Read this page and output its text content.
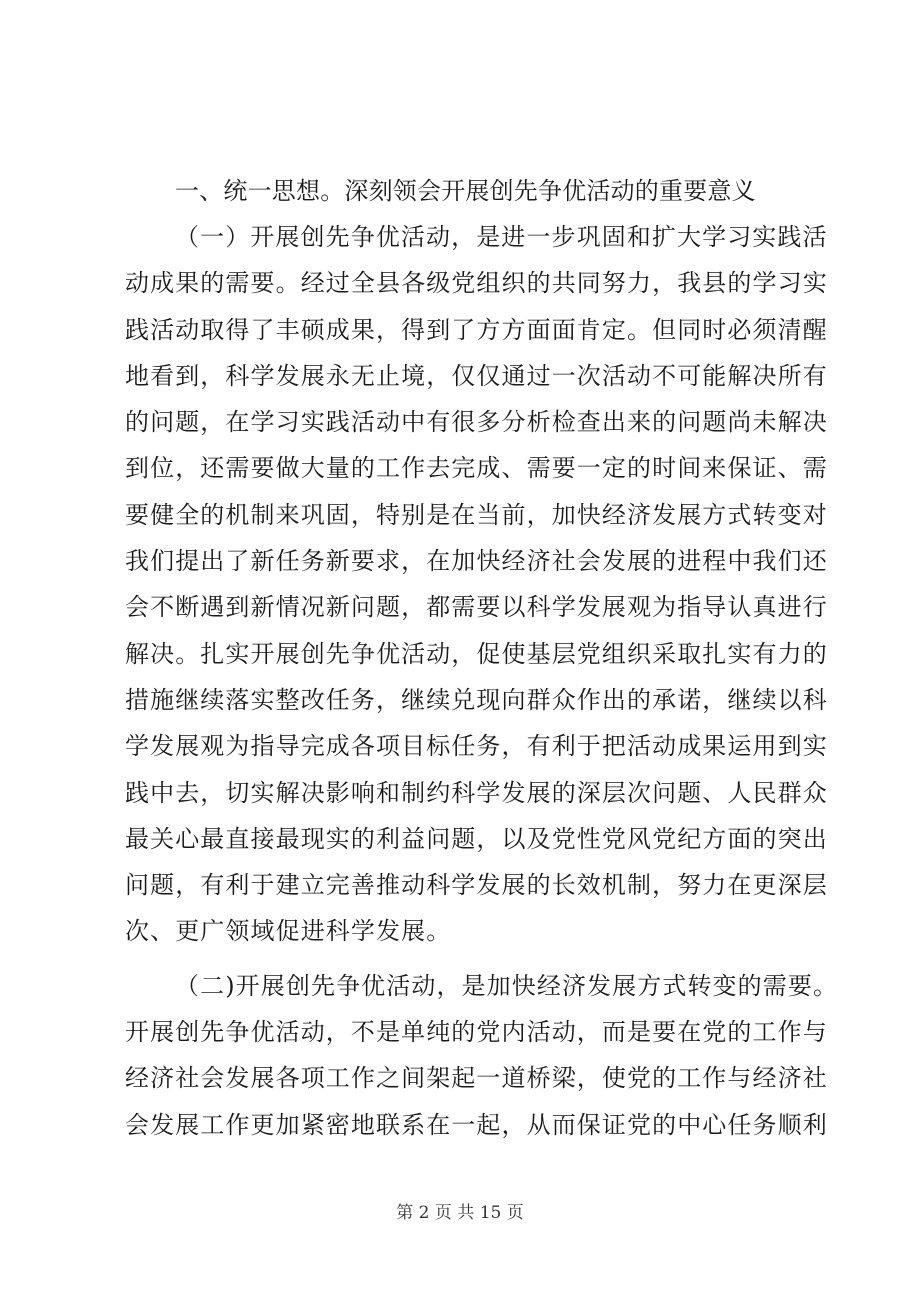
一、统一思想。深刻领会开展创先争优活动的重要意义

（一）开展创先争优活动，是进一步巩固和扩大学习实践活
动成果的需要。经过全县各级党组织的共同努力，我县的学习实
践活动取得了丰硕成果，得到了方方面面肯定。但同时必须清醒
地看到，科学发展永无止境，仅仅通过一次活动不可能解决所有
的问题，在学习实践活动中有很多分析检查出来的问题尚未解决
到位，还需要做大量的工作去完成、需要一定的时间来保证、需
要健全的机制来巩固，特别是在当前，加快经济发展方式转变对
我们提出了新任务新要求，在加快经济社会发展的进程中我们还
会不断遇到新情况新问题，都需要以科学发展观为指导认真进行
解决。扎实开展创先争优活动，促使基层党组织采取扎实有力的
措施继续落实整改任务，继续兑现向群众作出的承诺，继续以科
学发展观为指导完成各项目标任务，有利于把活动成果运用到实
践中去，切实解决影响和制约科学发展的深层次问题、人民群众
最关心最直接最现实的利益问题，以及党性党风党纪方面的突出
问题，有利于建立完善推动科学发展的长效机制，努力在更深层
次、更广领域促进科学发展。
（二)开展创先争优活动，是加快经济发展方式转变的需要。
开展创先争优活动，不是单纯的党内活动，而是要在党的工作与
经济社会发展各项工作之间架起一道桥梁，使党的工作与经济社
会发展工作更加紧密地联系在一起，从而保证党的中心任务顺利
第 2 页 共 15 页
